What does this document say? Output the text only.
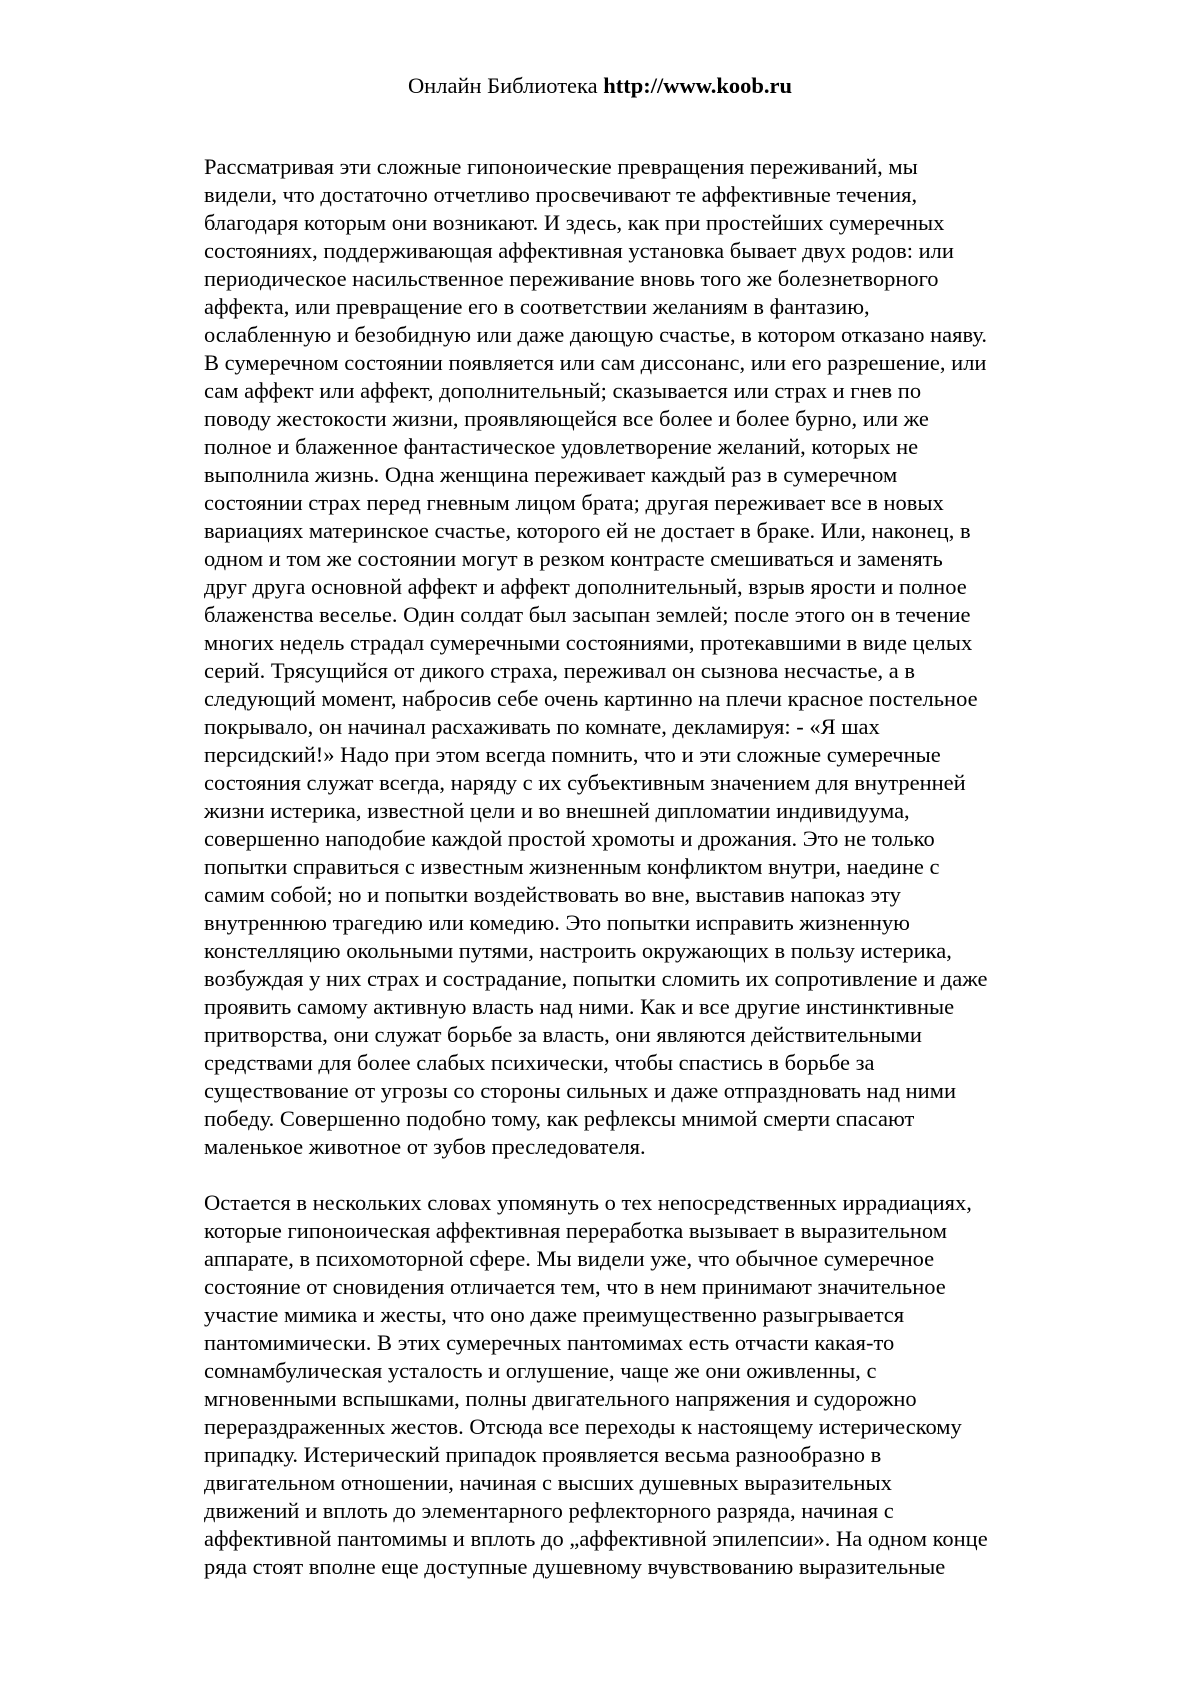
Онлайн Библиотека http://www.koob.ru

Рассматривая эти сложные гипоноические превращения переживаний, мы
видели, что достаточно отчетливо просвечивают те аффективные течения,
благодаря которым они возникают. И здесь, как при простейших сумеречных
состояниях, поддерживающая аффективная установка бывает двух родов: или
периодическое насильственное переживание вновь того же болезнетворного
аффекта, или превращение его в соответствии желаниям в фантазию,
ослабленную и безобидную или даже дающую счастье, в котором отказано наяву.
В сумеречном состоянии появляется или сам диссонанс, или его разрешение, или
сам аффект или аффект, дополнительный; сказывается или страх и гнев по
поводу жестокости жизни, проявляющейся все более и более бурно, или же
полное и блаженное фантастическое удовлетворение желаний, которых не
выполнила жизнь. Одна женщина переживает каждый раз в сумеречном
состоянии страх перед гневным лицом брата; другая переживает все в новых
вариациях материнское счастье, которого ей не достает в браке. Или, наконец, в
одном и том же состоянии могут в резком контрасте смешиваться и заменять
друг друга основной аффект и аффект дополнительный, взрыв ярости и полное
блаженства веселье. Один солдат был засыпан землей; после этого он в течение
многих недель страдал сумеречными состояниями, протекавшими в виде целых
серий. Трясущийся от дикого страха, переживал он сызнова несчастье, а в
следующий момент, набросив себе очень картинно на плечи красное постельное
покрывало, он начинал расхаживать по комнате, декламируя: - «Я шах
персидский!» Надо при этом всегда помнить, что и эти сложные сумеречные
состояния служат всегда, наряду с их субъективным значением для внутренней
жизни истерика, известной цели и во внешней дипломатии индивидуума,
совершенно наподобие каждой простой хромоты и дрожания. Это не только
попытки справиться с известным жизненным конфликтом внутри, наедине с
самим собой; но и попытки воздействовать во вне, выставив напоказ эту
внутреннюю трагедию или комедию. Это попытки исправить жизненную
констелляцию окольными путями, настроить окружающих в пользу истерика,
возбуждая у них страх и сострадание, попытки сломить их сопротивление и даже
проявить самому активную власть над ними. Как и все другие инстинктивные
притворства, они служат борьбе за власть, они являются действительными
средствами для более слабых психически, чтобы спастись в борьбе за
существование от угрозы со стороны сильных и даже отпраздновать над ними
победу. Совершенно подобно тому, как рефлексы мнимой смерти спасают
маленькое животное от зубов преследователя.

Остается в нескольких словах упомянуть о тех непосредственных иррадиациях,
которые гипоноическая аффективная переработка вызывает в выразительном
аппарате, в психомоторной сфере. Мы видели уже, что обычное сумеречное
состояние от сновидения отличается тем, что в нем принимают значительное
участие мимика и жесты, что оно даже преимущественно разыгрывается
пантомимически. В этих сумеречных пантомимах есть отчасти какая-то
сомнамбулическая усталость и оглушение, чаще же они оживленны, с
мгновенными вспышками, полны двигательного напряжения и судорожно
перераздраженных жестов. Отсюда все переходы к настоящему истерическому
припадку. Истерический припадок проявляется весьма разнообразно в
двигательном отношении, начиная с высших душевных выразительных
движений и вплоть до элементарного рефлекторного разряда, начиная с
аффективной пантомимы и вплоть до „аффективной эпилепсии». На одном конце
ряда стоят вполне еще доступные душевному вчувствованию выразительные
